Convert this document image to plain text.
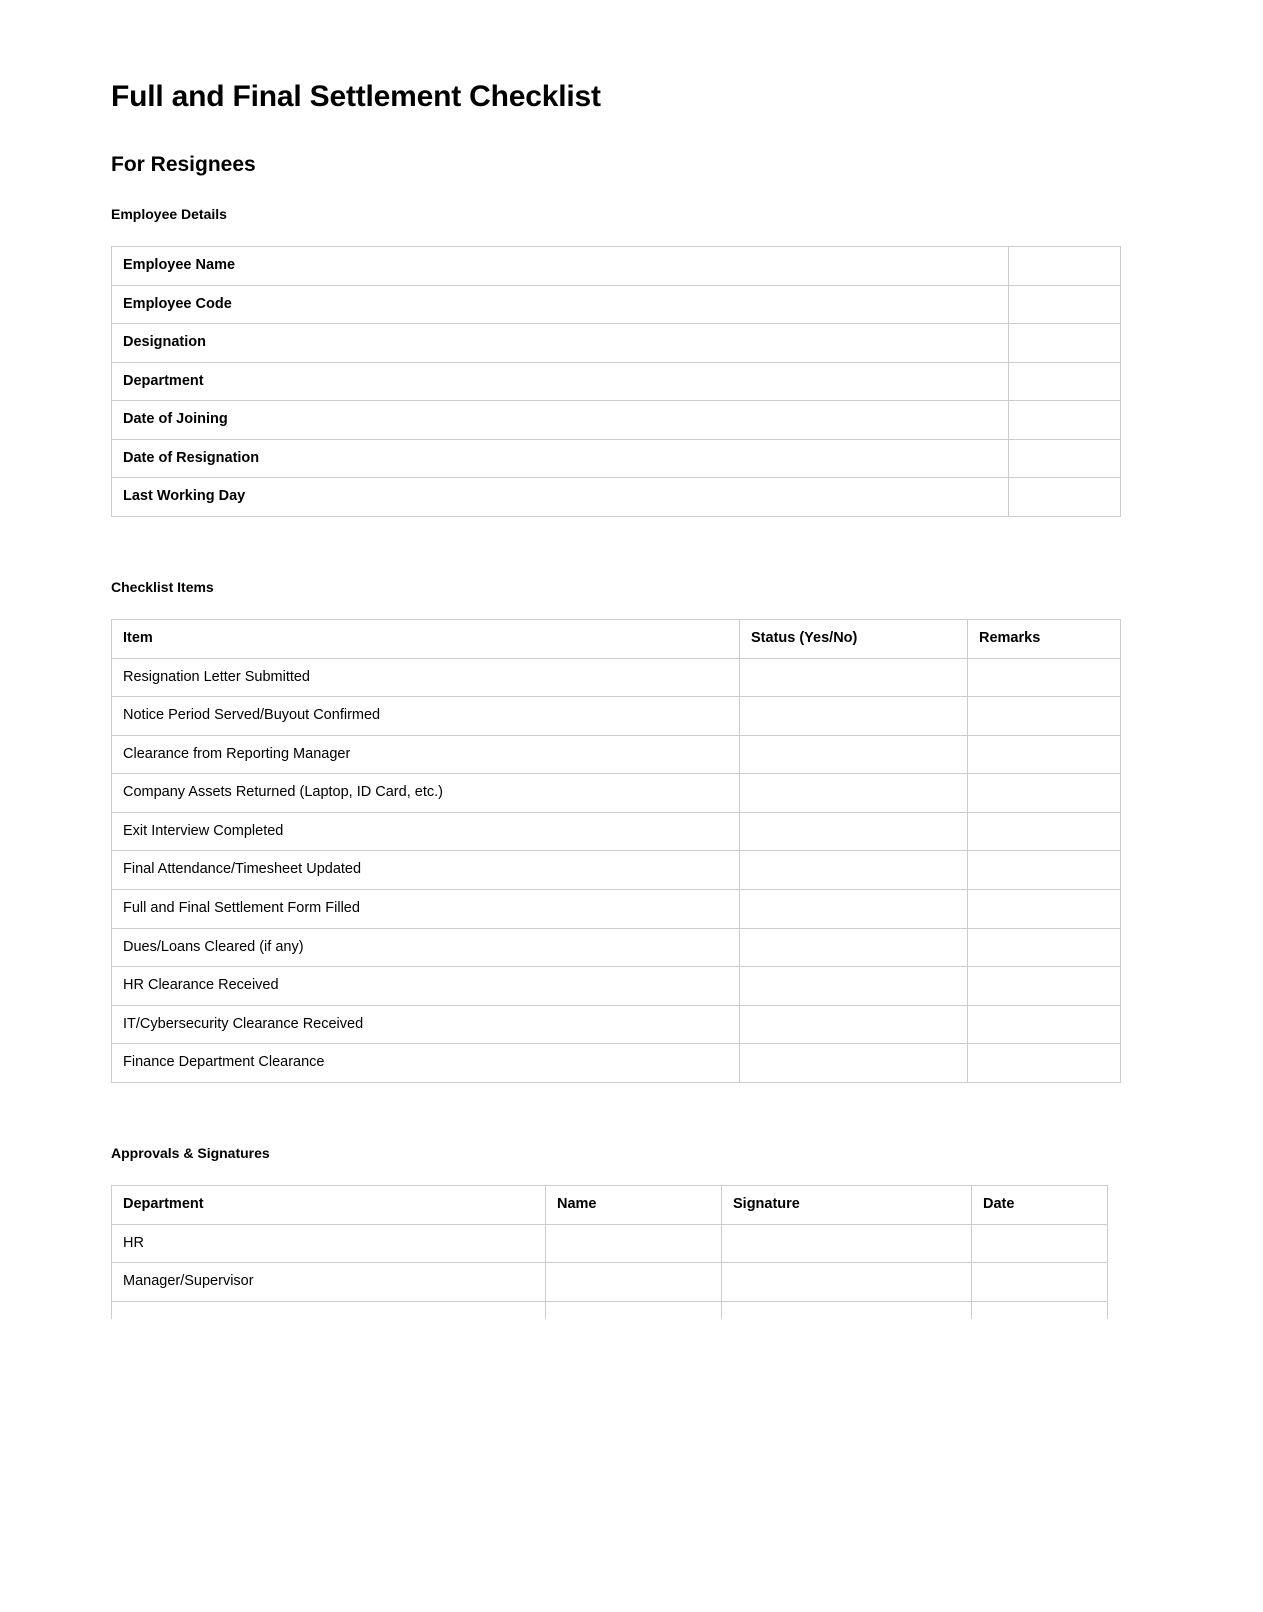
Full and Final Settlement Checklist
For Resignees
Employee Details
Employee Name	
Employee Code	
Designation	
Department	
Date of Joining	
Date of Resignation	
Last Working Day	
Checklist Items
Item	Status (Yes/No)	Remarks
Resignation Letter Submitted		
Notice Period Served/Buyout Confirmed		
Clearance from Reporting Manager		
Company Assets Returned (Laptop, ID Card, etc.)		
Exit Interview Completed		
Final Attendance/Timesheet Updated		
Full and Final Settlement Form Filled		
Dues/Loans Cleared (if any)		
HR Clearance Received		
IT/Cybersecurity Clearance Received		
Finance Department Clearance		
Approvals & Signatures
Department	Name	Signature	Date
HR			
Manager/Supervisor			
